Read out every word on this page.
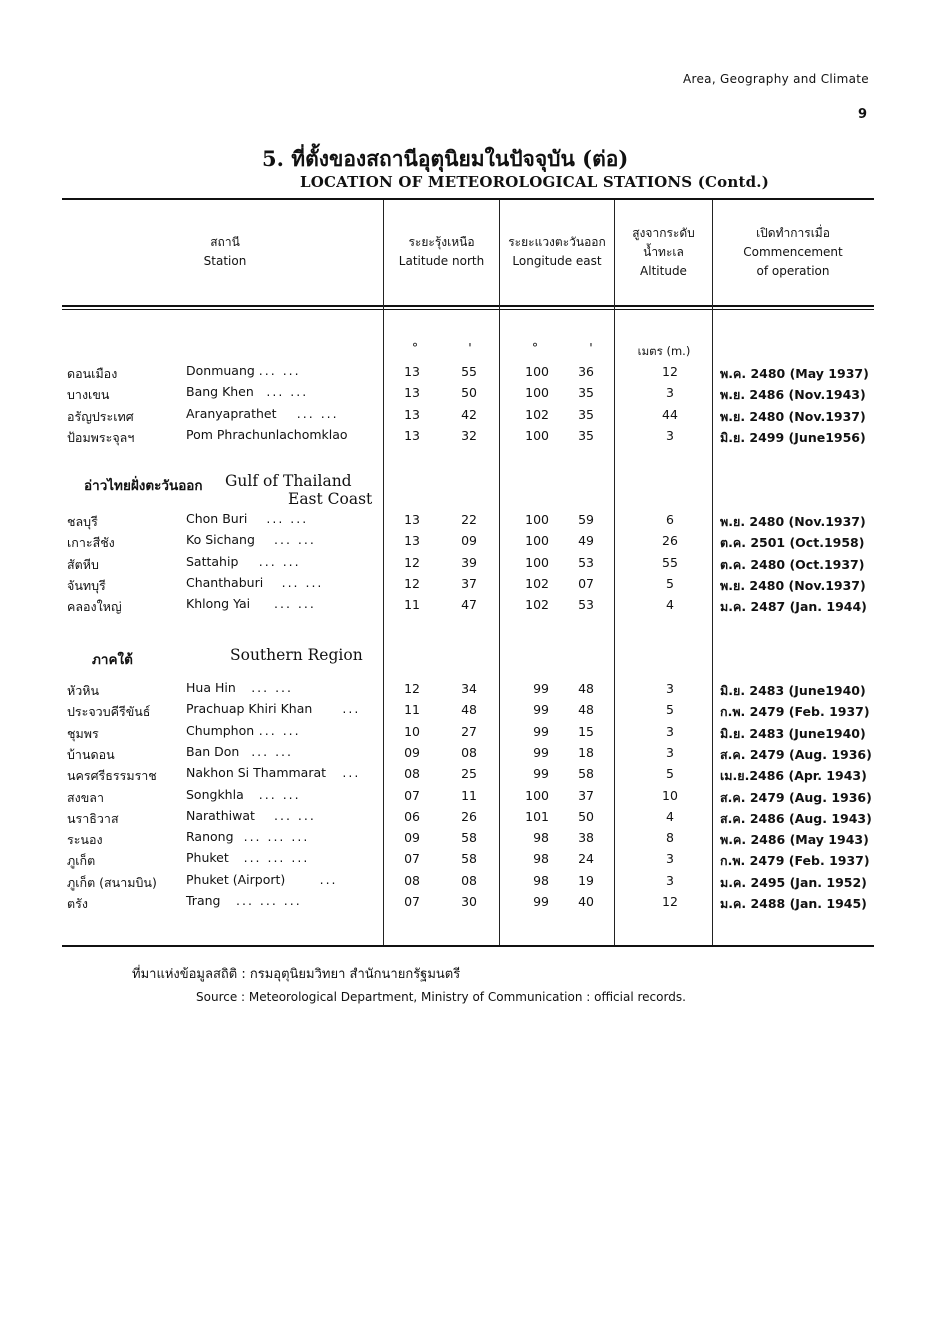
Area, Geography and Climate
9
5. ที่ตั้งของสถานีอุตุนิยมในปัจจุบัน (ต่อ)
LOCATION OF METEOROLOGICAL STATIONS (Contd.)
สถานี
Station
ระยะรุ้งเหนือ
Latitude north
ระยะแวงตะวันออก
Longitude east
สูงจากระดับ
น้ำทะเล
Altitude
เปิดทำการเมื่อ
Commencement
of operation
°	'	°	'	เมตร (m.)
ดอนเมือง	Donmuang ... ...	13	55	100	36	12	พ.ค. 2480 (May 1937)
บางเขน	Bang Khen ... ...	13	50	100	35	3	พ.ย. 2486 (Nov.1943)
อรัญประเทศ	Aranyaprathet ... ...	13	42	102	35	44	พ.ย. 2480 (Nov.1937)
ป้อมพระจุลฯ	Pom Phrachunlachomklao	13	32	100	35	3	มิ.ย. 2499 (June1956)
อ่าวไทยฝั่งตะวันออก Gulf of Thailand
East Coast
ชลบุรี	Chon Buri ... ...	13	22	100	59	6	พ.ย. 2480 (Nov.1937)
เกาะสีชัง	Ko Sichang ... ...	13	09	100	49	26	ต.ค. 2501 (Oct.1958)
สัตหีบ	Sattahip ... ...	12	39	100	53	55	ต.ค. 2480 (Oct.1937)
จันทบุรี	Chanthaburi ... ...	12	37	102	07	5	พ.ย. 2480 (Nov.1937)
คลองใหญ่	Khlong Yai ... ...	11	47	102	53	4	ม.ค. 2487 (Jan. 1944)
ภาคใต้	Southern Region
หัวหิน	Hua Hin ... ...	12	34	99	48	3	มิ.ย. 2483 (June1940)
ประจวบคีรีขันธ์	Prachuap Khiri Khan ...	11	48	99	48	5	ก.พ. 2479 (Feb. 1937)
ชุมพร	Chumphon ... ...	10	27	99	15	3	มิ.ย. 2483 (June1940)
บ้านดอน	Ban Don ... ...	09	08	99	18	3	ส.ค. 2479 (Aug. 1936)
นครศรีธรรมราช Nakhon Si Thammarat ...	08	25	99	58	5	เม.ย.2486 (Apr. 1943)
สงขลา	Songkhla ... ...	07	11	100	37	10	ส.ค. 2479 (Aug. 1936)
นราธิวาส	Narathiwat ... ...	06	26	101	50	4	ส.ค. 2486 (Aug. 1943)
ระนอง	Ranong ... ... ...	09	58	98	38	8	พ.ค. 2486 (May 1943)
ภูเก็ต	Phuket ... ... ...	07	58	98	24	3	ก.พ. 2479 (Feb. 1937)
ภูเก็ต (สนามบิน) Phuket (Airport)	...	08	08	98	19	3	ม.ค. 2495 (Jan. 1952)
ตรัง	Trang ... ... ...	07	30	99	40	12	ม.ค. 2488 (Jan. 1945)
ที่มาแห่งข้อมูลสถิติ : กรมอุตุนิยมวิทยา สำนักนายกรัฐมนตรี
Source : Meteorological Department, Ministry of Communication : official records.
